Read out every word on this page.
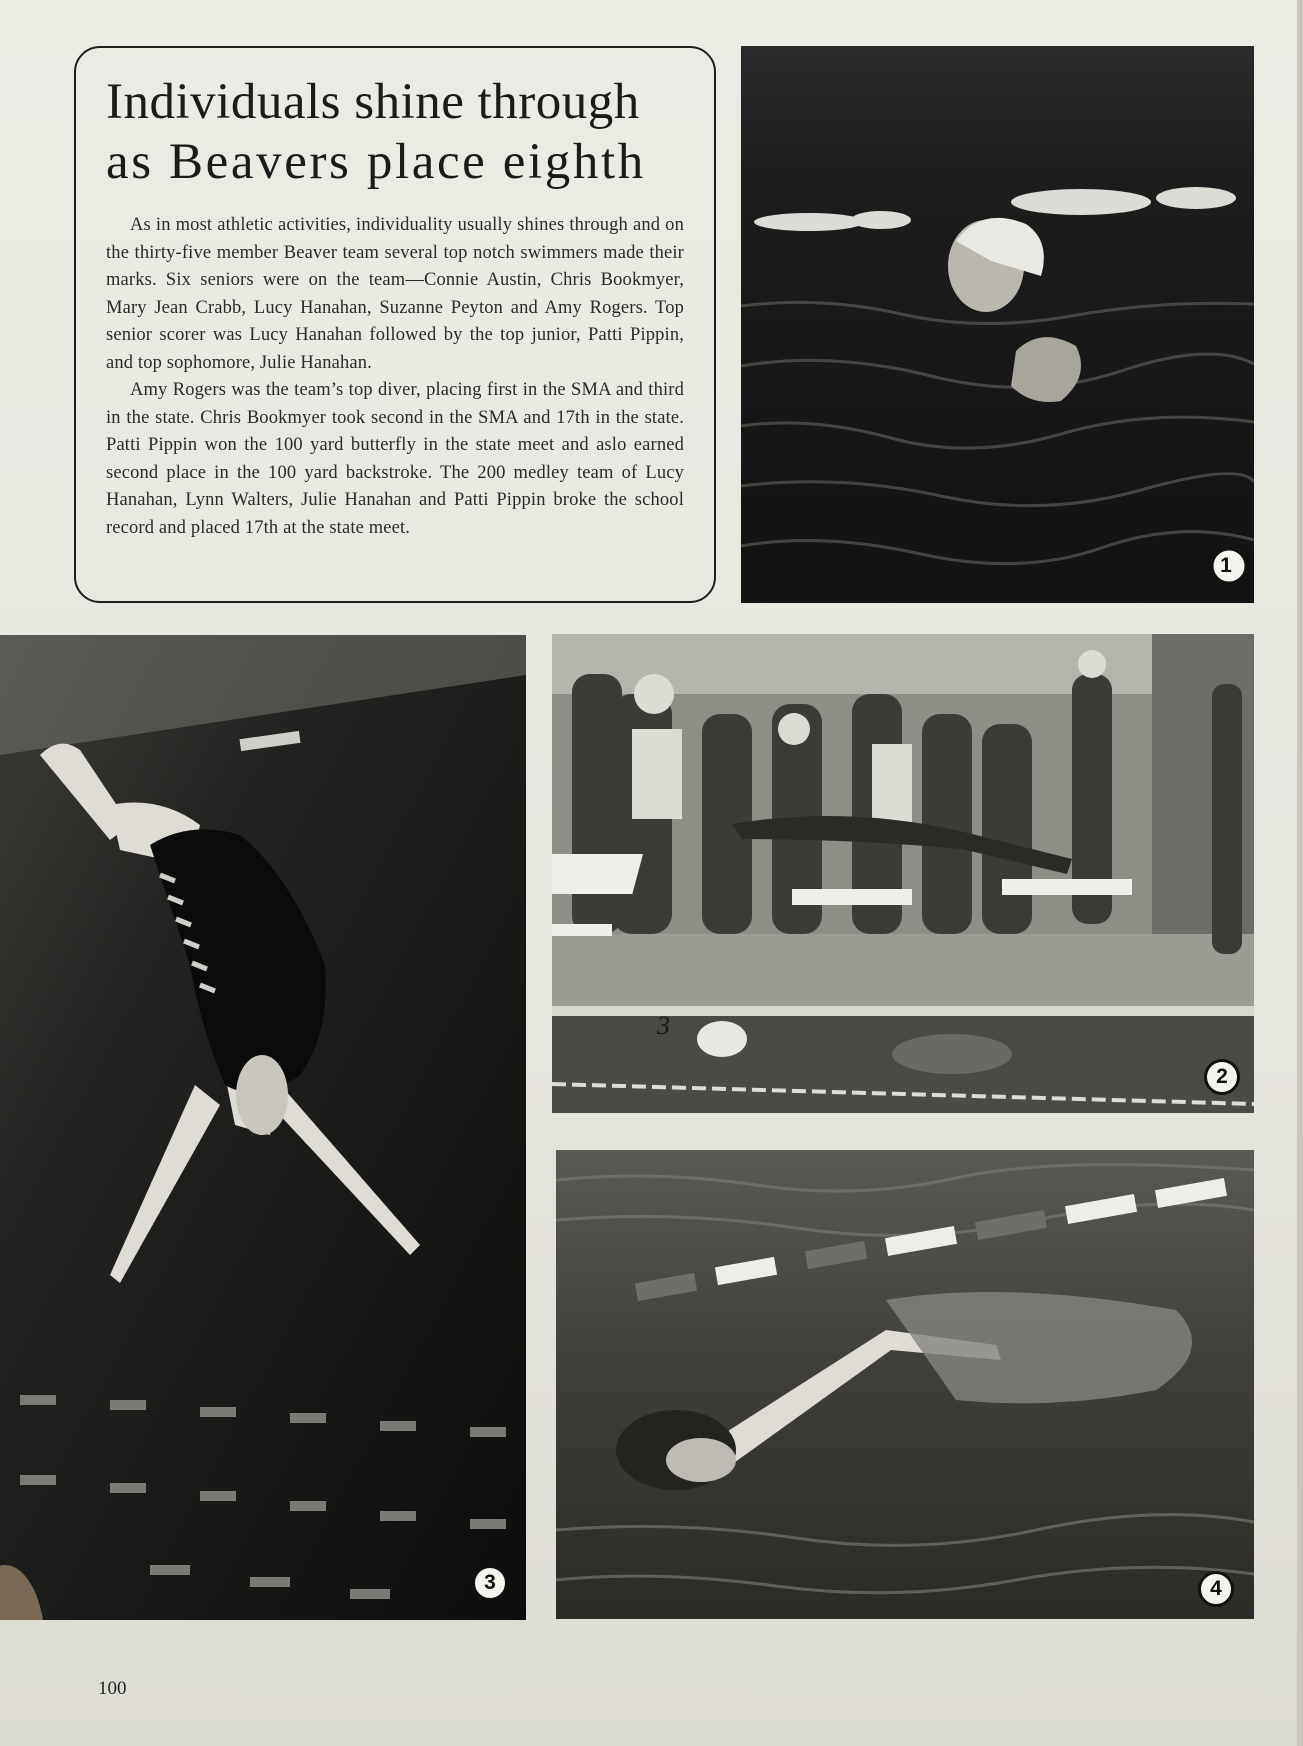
Individuals shine through
as Beavers place eighth

As in most athletic activities, individuality usually shines through and on the thirty-five member Beaver team several top notch swimmers made their marks. Six seniors were on the team—Connie Austin, Chris Bookmyer, Mary Jean Crabb, Lucy Hanahan, Suzanne Peyton and Amy Rogers. Top senior scorer was Lucy Hanahan followed by the top junior, Patti Pippin, and top sophomore, Julie Hanahan.

Amy Rogers was the team’s top diver, placing first in the SMA and third in the state. Chris Bookmyer took second in the SMA and 17th in the state. Patti Pippin won the 100 yard butterfly in the state meet and aslo earned second place in the 100 yard backstroke. The 200 medley team of Lucy Hanahan, Lynn Walters, Julie Hanahan and Patti Pippin broke the school record and placed 17th at the state meet.

1
3
3
2
4
100
